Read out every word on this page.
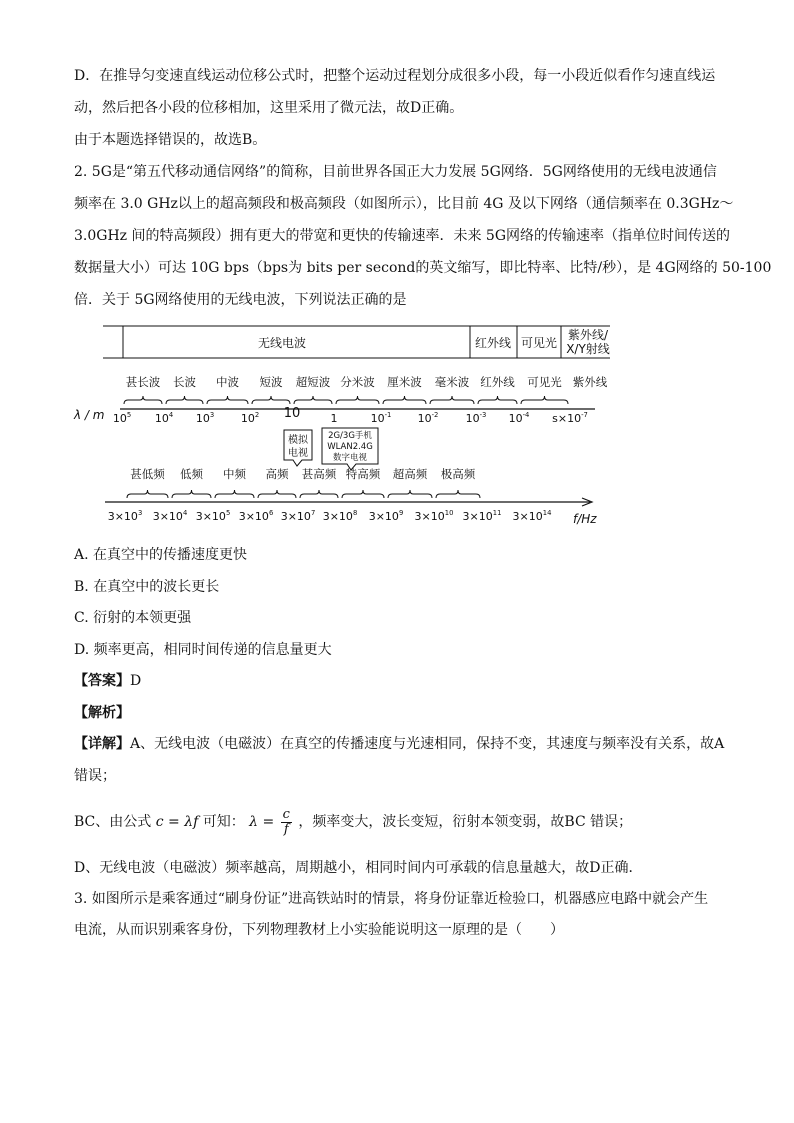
D．在推导匀变速直线运动位移公式时，把整个运动过程划分成很多小段，每一小段近似看作匀速直线运
动，然后把各小段的位移相加，这里采用了微元法，故D正确。
由于本题选择错误的，故选B。
2. 5G是“第五代移动通信网络”的简称，目前世界各国正大力发展 5G网络．5G网络使用的无线电波通信
频率在 3.0 GHz以上的超高频段和极高频段（如图所示），比目前 4G 及以下网络（通信频率在 0.3GHz～
3.0GHz 间的特高频段）拥有更大的带宽和更快的传输速率．未来 5G网络的传输速率（指单位时间传送的
数据量大小）可达 10G bps（bps为 bits per second的英文缩写，即比特率、比特/秒），是 4G网络的 50-100
倍．关于 5G网络使用的无线电波，下列说法正确的是
无线电波	红外线 可见光
紫外线/
X/Y射线
甚长波 长波 中波 短波 超短波 分米波 厘米波 毫米波 红外线 可见光 紫外线
λ / m $10^5$ $10^4$ $10^3$ $10^2$ 10	1	$10^{-1}$ $10^{-2}$ $10^{-3}$ $10^{-4}$ $s\times 10^{-7}$
模拟
电视
2G/3G手机
WLAN2.4G
数字电视
甚低频 低频 中频 高频 甚高频 特高频 超高频 极高频
$3\times 10^3$ $3\times 10^4$ $3\times 10^5$ $3\times 10^6$ $3\times 10^7$ $3\times 10^8$ $3\times 10^9$ $3\times 10^{10}$ $3\times 10^{11}$ $3\times 10^{14}$ f/Hz
A. 在真空中的传播速度更快
B. 在真空中的波长更长
C. 衍射的本领更强
D. 频率更高，相同时间传递的信息量更大
【答案】D
【解析】
【详解】A、无线电波（电磁波）在真空的传播速度与光速相同，保持不变，其速度与频率没有关系，故A
错误；
BC、由公式 c = λf 可知： $\lambda = \frac{c}{f}$ ，频率变大，波长变短，衍射本领变弱，故BC 错误；
D、无线电波（电磁波）频率越高，周期越小，相同时间内可承载的信息量越大，故D正确．
3. 如图所示是乘客通过“刷身份证”进高铁站时的情景，将身份证靠近检验口，机器感应电路中就会产生
电流，从而识别乘客身份，下列物理教材上小实验能说明这一原理的是（　　）
